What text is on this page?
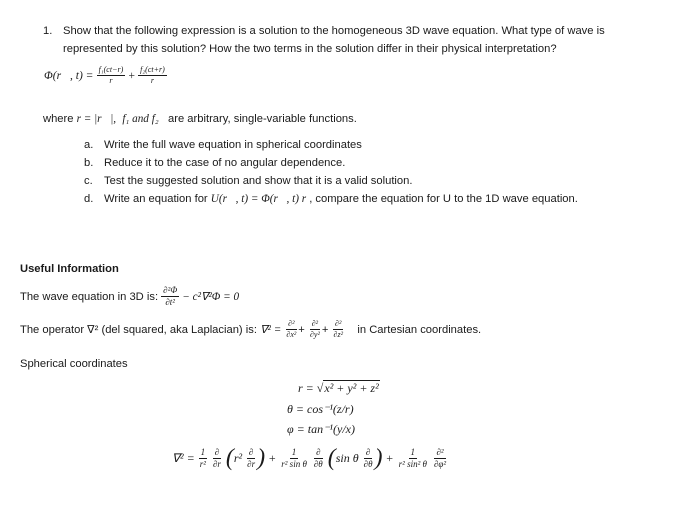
1. Show that the following expression is a solution to the homogeneous 3D wave equation. What type of wave is
represented by this solution? How the two terms in the solution differ in their physical interpretation?
Φ(r⃗, $t) = \frac{\text{f₁(ct−r)}}{r} + \frac{\text{f₂(ct+r)}}{r}$
where r = |r⃗|, f₁ and f₂ are arbitrary, single-variable functions.
a. Write the full wave equation in spherical coordinates
b. Reduce it to the case of no angular dependence.
c. Test the suggested solution and show that it is a valid solution.
d. Write an equation for U(r⃗, t) = Φ(r⃗, t) r , compare the equation for U to the 1D wave equation.
Useful Information
The wave equation in 3D is: $\frac{\text{∂²Φ}}{\text{∂t²}} - c^2\nabla^2\Phi = 0$
The operator ∇² (del squared, aka Laplacian) is: $\nabla^2 = \frac{\text{∂²}}{\text{∂x²}} + \frac{\text{∂²}}{\text{∂y²}} + \frac{\text{∂²}}{\text{∂z²}}$ in Cartesian coordinates.
Spherical coordinates
r = √x² + y² + z²
θ = cos⁻¹(z/r)
φ = tan⁻¹(y/x)
$\nabla^2 = \frac{1}{\text{r²}}$
$\frac{\partial}{\partial r} (r^2 \frac{\partial}{\partial r}$ ) + $\frac{1}{\text{r² sin θ}}$
$\frac{\partial}{\partial\theta} (\sin$ θ $\frac{\partial}{\partial\theta}$ ) + $\frac{1}{\text{r² sin² θ}}$
$\frac{\text{∂²}}{\text{∂φ²}}$
